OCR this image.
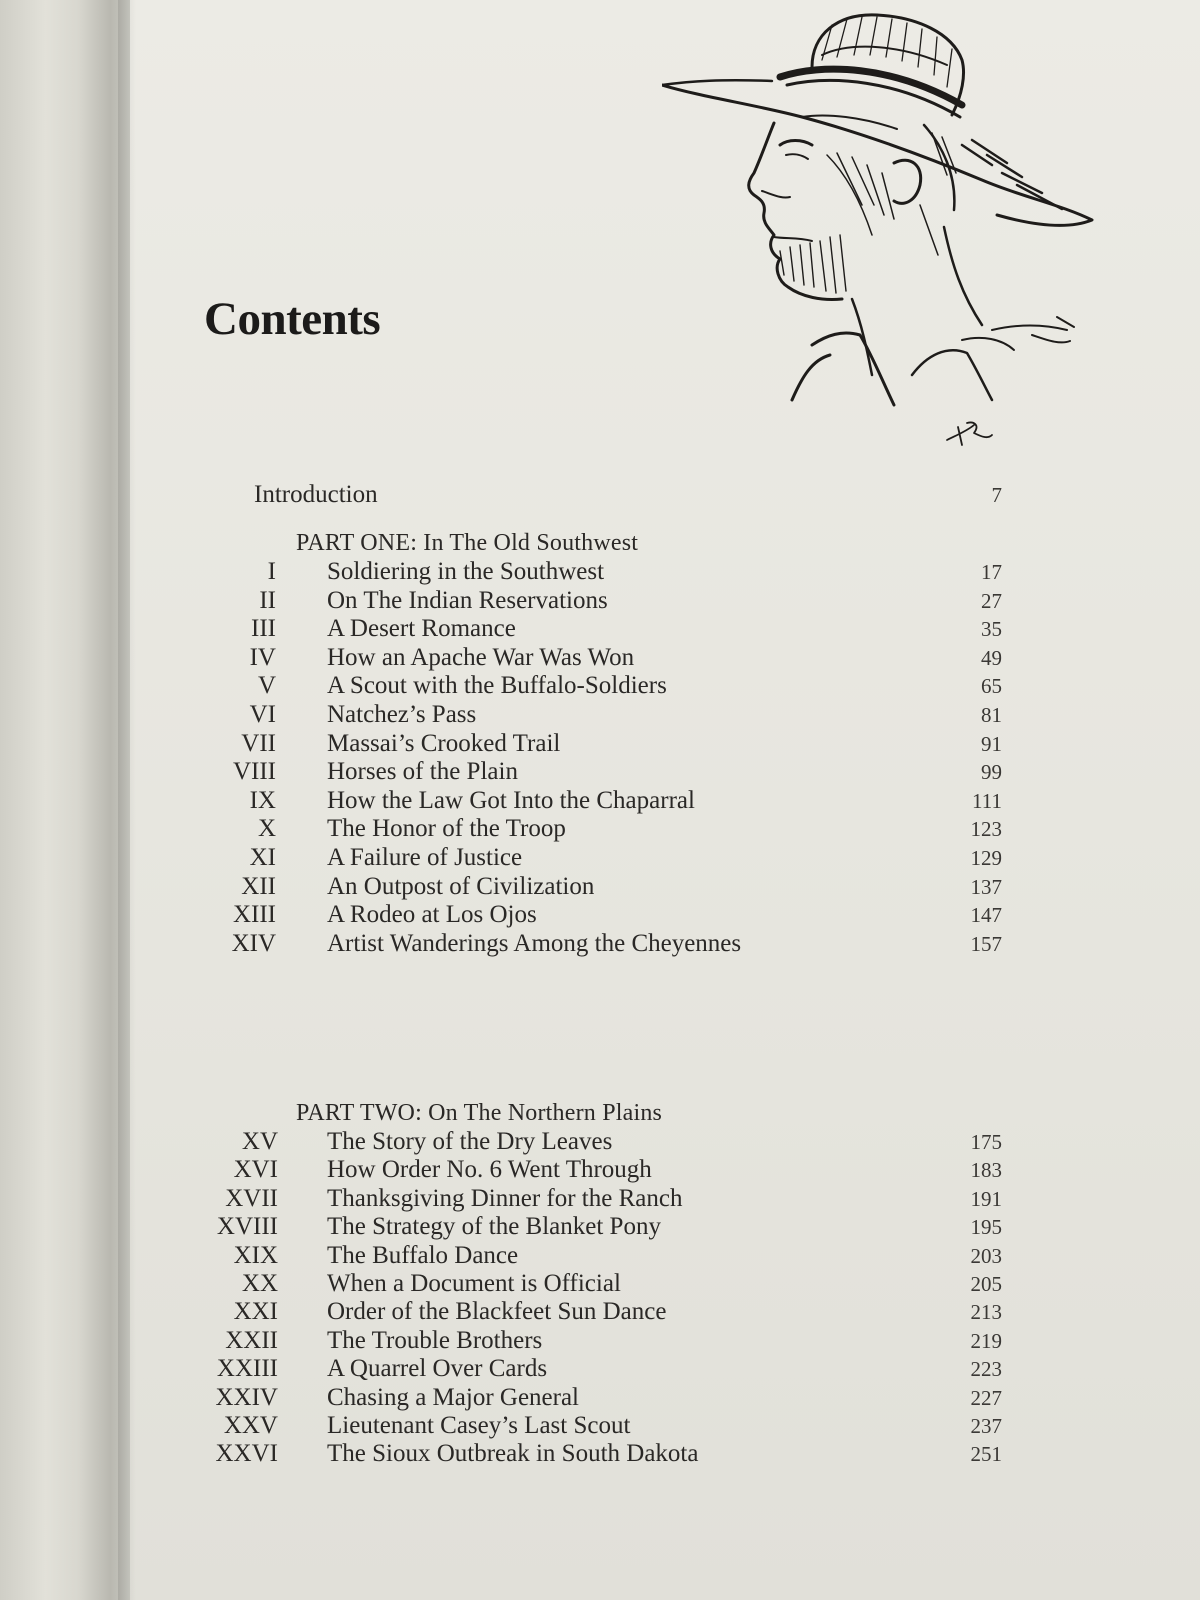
Contents
Introduction	7
PART ONE: In The Old Southwest
I Soldiering in the Southwest	17
II On The Indian Reservations	27
III A Desert Romance	35
IV How an Apache War Was Won	49
V A Scout with the Buffalo-Soldiers	65
VI Natchez’s Pass	81
VII Massai’s Crooked Trail	91
VIII Horses of the Plain	99
IX How the Law Got Into the Chaparral	111
X The Honor of the Troop	123
XI A Failure of Justice	129
XII An Outpost of Civilization	137
XIII A Rodeo at Los Ojos	147
XIV Artist Wanderings Among the Cheyennes	157
PART TWO: On The Northern Plains
XV The Story of the Dry Leaves	175
XVI How Order No. 6 Went Through	183
XVII Thanksgiving Dinner for the Ranch	191
XVIII The Strategy of the Blanket Pony	195
XIX The Buffalo Dance	203
XX When a Document is Official	205
XXI Order of the Blackfeet Sun Dance	213
XXII The Trouble Brothers	219
XXIII A Quarrel Over Cards	223
XXIV Chasing a Major General	227
XXV Lieutenant Casey’s Last Scout	237
XXVI The Sioux Outbreak in South Dakota	251
